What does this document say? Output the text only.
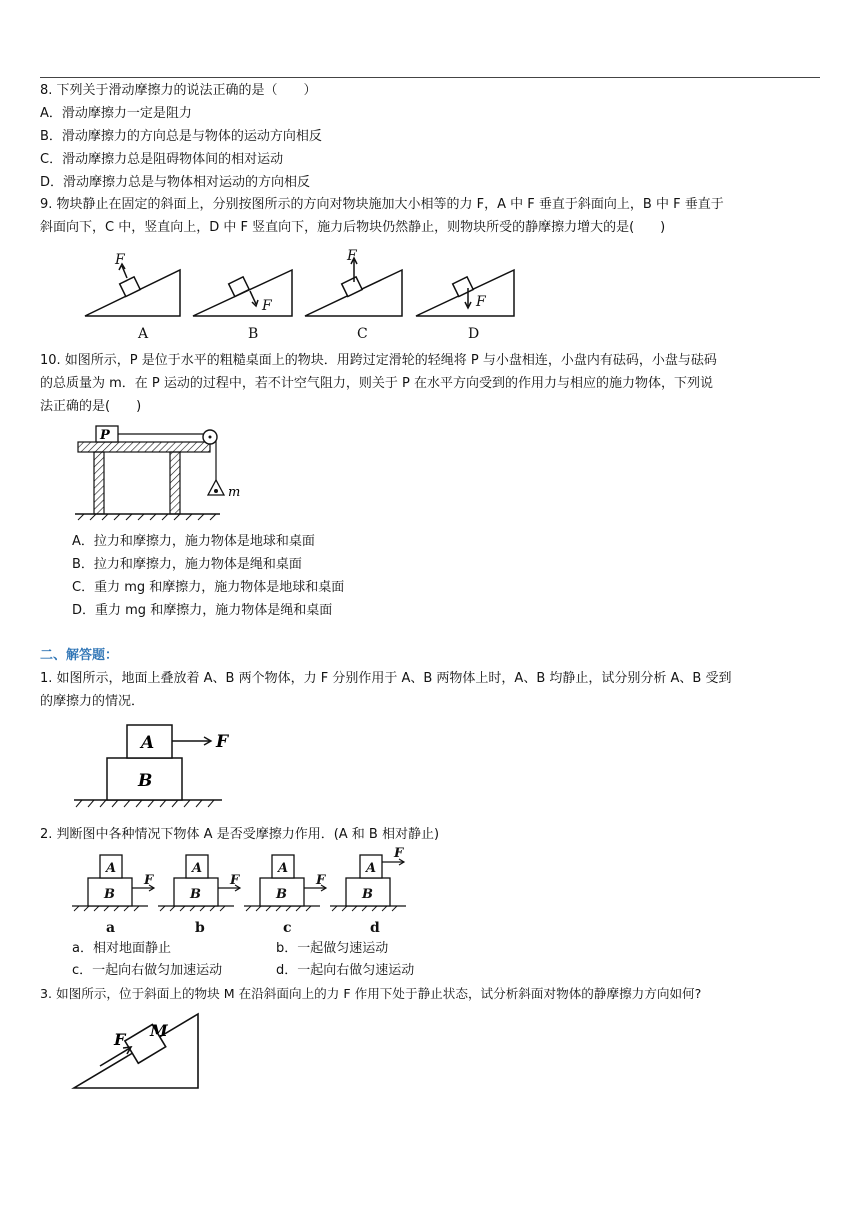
8. 下列关于滑动摩擦力的说法正确的是（　　）
A．滑动摩擦力一定是阻力
B．滑动摩擦力的方向总是与物体的运动方向相反
C．滑动摩擦力总是阻碍物体间的相对运动
D．滑动摩擦力总是与物体相对运动的方向相反
9. 物块静止在固定的斜面上，分别按图所示的方向对物块施加大小相等的力 F，A 中 F 垂直于斜面向上，B 中 F 垂直于
斜面向下，C 中，竖直向上，D 中 F 竖直向下，施力后物块仍然静止，则物块所受的静摩擦力增大的是(　　)
F
F
F
F
A	B	C	D
10. 如图所示，P 是位于水平的粗糙桌面上的物块．用跨过定滑轮的轻绳将 P 与小盘相连，小盘内有砝码，小盘与砝码
的总质量为 m．在 P 运动的过程中，若不计空气阻力，则关于 P 在水平方向受到的作用力与相应的施力物体，下列说
法正确的是(　　)
P
m
A．拉力和摩擦力，施力物体是地球和桌面
B．拉力和摩擦力，施力物体是绳和桌面
C．重力 mg 和摩擦力，施力物体是地球和桌面
D．重力 mg 和摩擦力，施力物体是绳和桌面
二、解答题：
1. 如图所示，地面上叠放着 A、B 两个物体，力 F 分别作用于 A、B 两物体上时，A、B 均静止，试分别分析 A、B 受到
的摩擦力的情况．
A
B
F
2. 判断图中各种情况下物体 A 是否受摩擦力作用．(A 和 B 相对静止)
A
B
A
B
A
B
A
B
F	F	F
F
a	b	c	d
a．相对地面静止	b．一起做匀速运动
c．一起向右做匀加速运动	d．一起向右做匀速运动
3. 如图所示，位于斜面上的物块 M 在沿斜面向上的力 F 作用下处于静止状态，试分析斜面对物体的静摩擦力方向如何?
M
F
